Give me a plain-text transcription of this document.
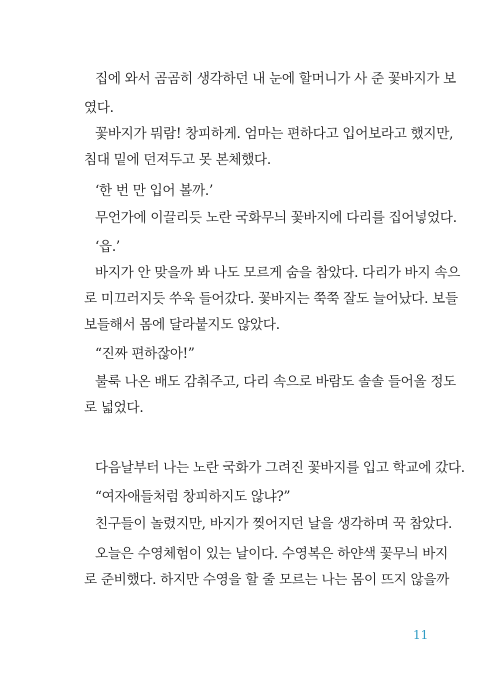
집에 와서 곰곰히 생각하던 내 눈에 할머니가 사 준 꽃바지가 보
였다.
꽃바지가 뭐람! 창피하게. 엄마는 편하다고 입어보라고 했지만,
침대 밑에 던져두고 못 본체했다.
‘한 번 만 입어 볼까.’
무언가에 이끌리듯 노란 국화무늬 꽃바지에 다리를 집어넣었다.
‘읍.’
바지가 안 맞을까 봐 나도 모르게 숨을 참았다. 다리가 바지 속으
로 미끄러지듯 쑤욱 들어갔다. 꽃바지는 쭉쭉 잘도 늘어났다. 보들
보들해서 몸에 달라붙지도 않았다.
“진짜 편하잖아!”
불룩 나온 배도 감춰주고, 다리 속으로 바람도 솔솔 들어올 정도
로 넓었다.
다음날부터 나는 노란 국화가 그려진 꽃바지를 입고 학교에 갔다.
“여자애들처럼 창피하지도 않냐?”
친구들이 놀렸지만, 바지가 찢어지던 날을 생각하며 꾹 참았다.
오늘은 수영체험이 있는 날이다. 수영복은 하얀색 꽃무늬 바지
로 준비했다. 하지만 수영을 할 줄 모르는 나는 몸이 뜨지 않을까
11
